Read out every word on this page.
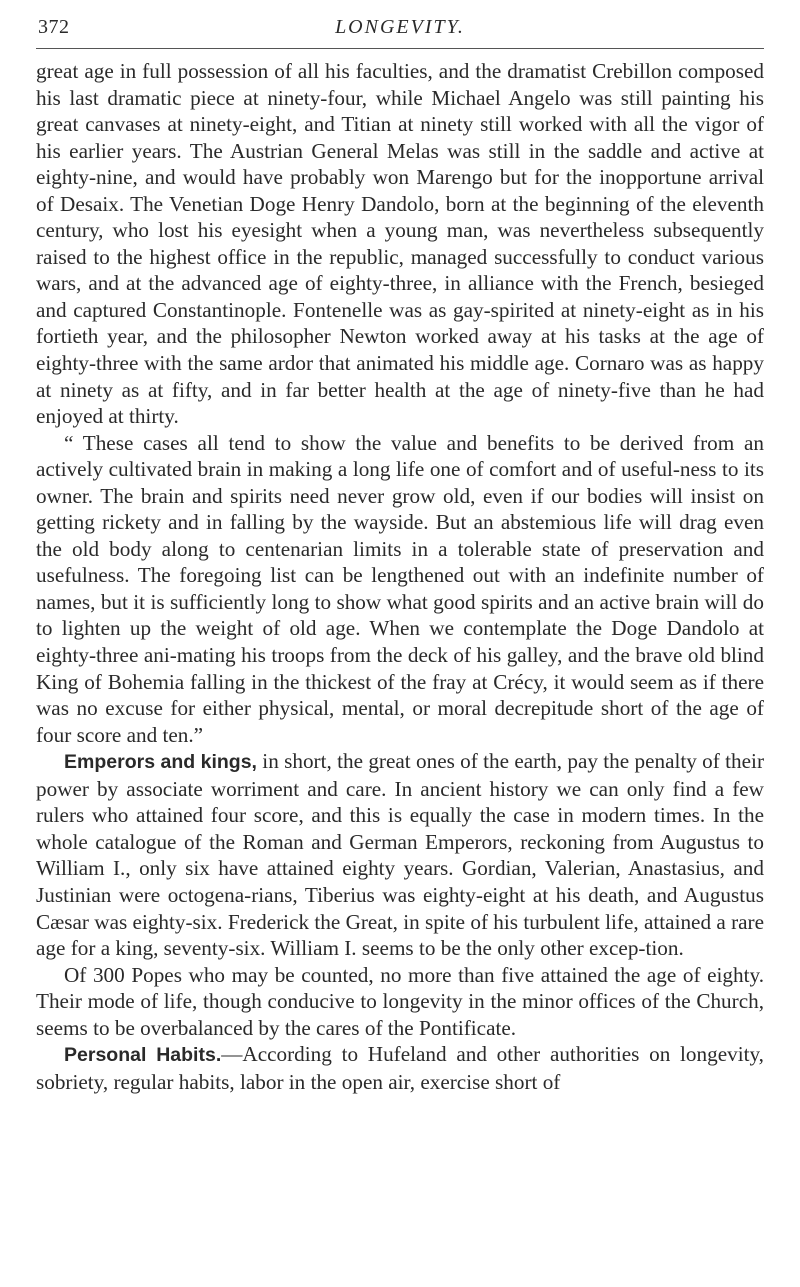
372	LONGEVITY.

great age in full possession of all his faculties, and the dramatist Crebillon composed his last dramatic piece at ninety-four, while Michael Angelo was still painting his great canvases at ninety-eight, and Titian at ninety still worked with all the vigor of his earlier years. The Austrian General Melas was still in the saddle and active at eighty-nine, and would have probably won Marengo but for the inopportune arrival of Desaix. The Venetian Doge Henry Dandolo, born at the beginning of the eleventh century, who lost his eyesight when a young man, was nevertheless subsequently raised to the highest office in the republic, managed successfully to conduct various wars, and at the advanced age of eighty-three, in alliance with the French, besieged and captured Constantinople. Fontenelle was as gay-spirited at ninety-eight as in his fortieth year, and the philosopher Newton worked away at his tasks at the age of eighty-three with the same ardor that animated his middle age. Cornaro was as happy at ninety as at fifty, and in far better health at the age of ninety-five than he had enjoyed at thirty.

“ These cases all tend to show the value and benefits to be derived from an actively cultivated brain in making a long life one of comfort and of useful-ness to its owner. The brain and spirits need never grow old, even if our bodies will insist on getting rickety and in falling by the wayside. But an abstemious life will drag even the old body along to centenarian limits in a tolerable state of preservation and usefulness. The foregoing list can be lengthened out with an indefinite number of names, but it is sufficiently long to show what good spirits and an active brain will do to lighten up the weight of old age. When we contemplate the Doge Dandolo at eighty-three ani-mating his troops from the deck of his galley, and the brave old blind King of Bohemia falling in the thickest of the fray at Crécy, it would seem as if there was no excuse for either physical, mental, or moral decrepitude short of the age of four score and ten.”

Emperors and kings, in short, the great ones of the earth, pay the penalty of their power by associate worriment and care. In ancient history we can only find a few rulers who attained four score, and this is equally the case in modern times. In the whole catalogue of the Roman and German Emperors, reckoning from Augustus to William I., only six have attained eighty years. Gordian, Valerian, Anastasius, and Justinian were octogena-rians, Tiberius was eighty-eight at his death, and Augustus Cæsar was eighty-six. Frederick the Great, in spite of his turbulent life, attained a rare age for a king, seventy-six. William I. seems to be the only other excep-tion.

Of 300 Popes who may be counted, no more than five attained the age of eighty. Their mode of life, though conducive to longevity in the minor offices of the Church, seems to be overbalanced by the cares of the Pontificate.

Personal Habits.—According to Hufeland and other authorities on longevity, sobriety, regular habits, labor in the open air, exercise short of
